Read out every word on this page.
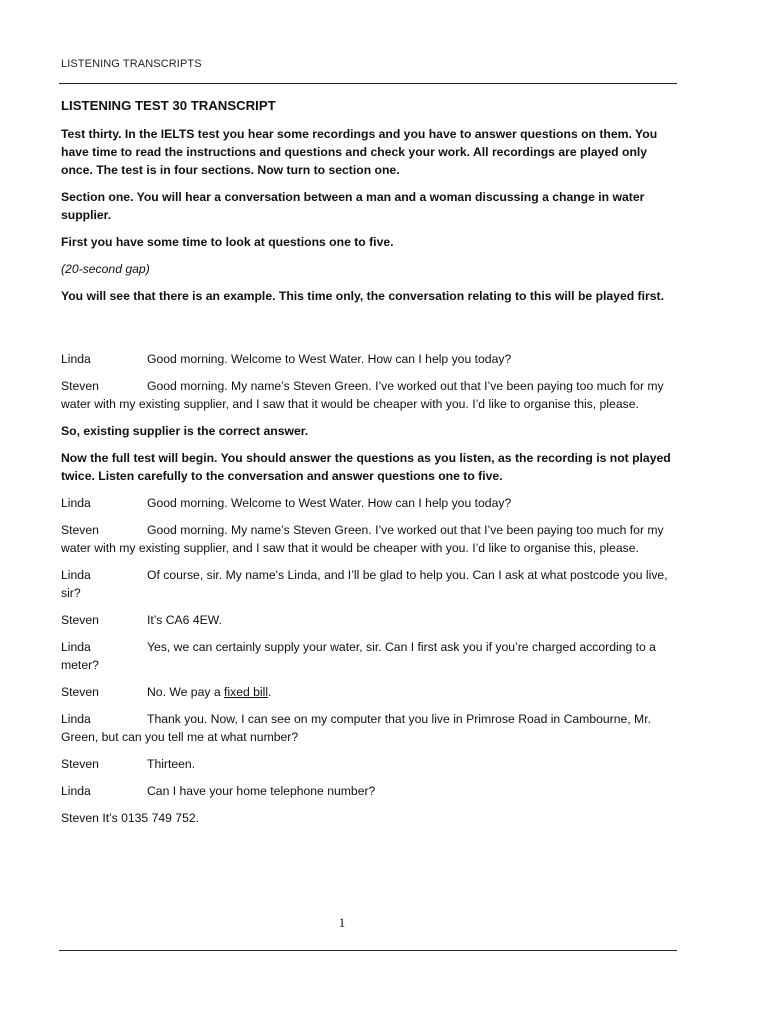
LISTENING TRANSCRIPTS
LISTENING TEST 30 TRANSCRIPT

Test thirty. In the IELTS test you hear some recordings and you have to answer questions on them. You have time to read the instructions and questions and check your work. All recordings are played only once. The test is in four sections. Now turn to section one.

Section one. You will hear a conversation between a man and a woman discussing a change in water supplier.

First you have some time to look at questions one to five.

(20-second gap)

You will see that there is an example. This time only, the conversation relating to this will be played first.

Linda	Good morning. Welcome to West Water. How can I help you today?
Steven	Good morning. My name’s Steven Green. I’ve worked out that I’ve been paying too much for my water with my existing supplier, and I saw that it would be cheaper with you. I’d like to organise this, please.

So, existing supplier is the correct answer.

Now the full test will begin. You should answer the questions as you listen, as the recording is not played twice. Listen carefully to the conversation and answer questions one to five.

Linda	Good morning. Welcome to West Water. How can I help you today?
Steven	Good morning. My name’s Steven Green. I’ve worked out that I’ve been paying too much for my water with my existing supplier, and I saw that it would be cheaper with you. I’d like to organise this, please.
Linda	Of course, sir. My name's Linda, and I’ll be glad to help you. Can I ask at what postcode you live, sir?
Steven	It’s CA6 4EW.
Linda	Yes, we can certainly supply your water, sir. Can I first ask you if you’re charged according to a meter?
Steven	No. We pay a fixed bill.
Linda	Thank you. Now, I can see on my computer that you live in Primrose Road in Cambourne, Mr. Green, but can you tell me at what number?
Steven	Thirteen.
Linda	Can I have your home telephone number?

Steven It’s 0135 749 752.

1
